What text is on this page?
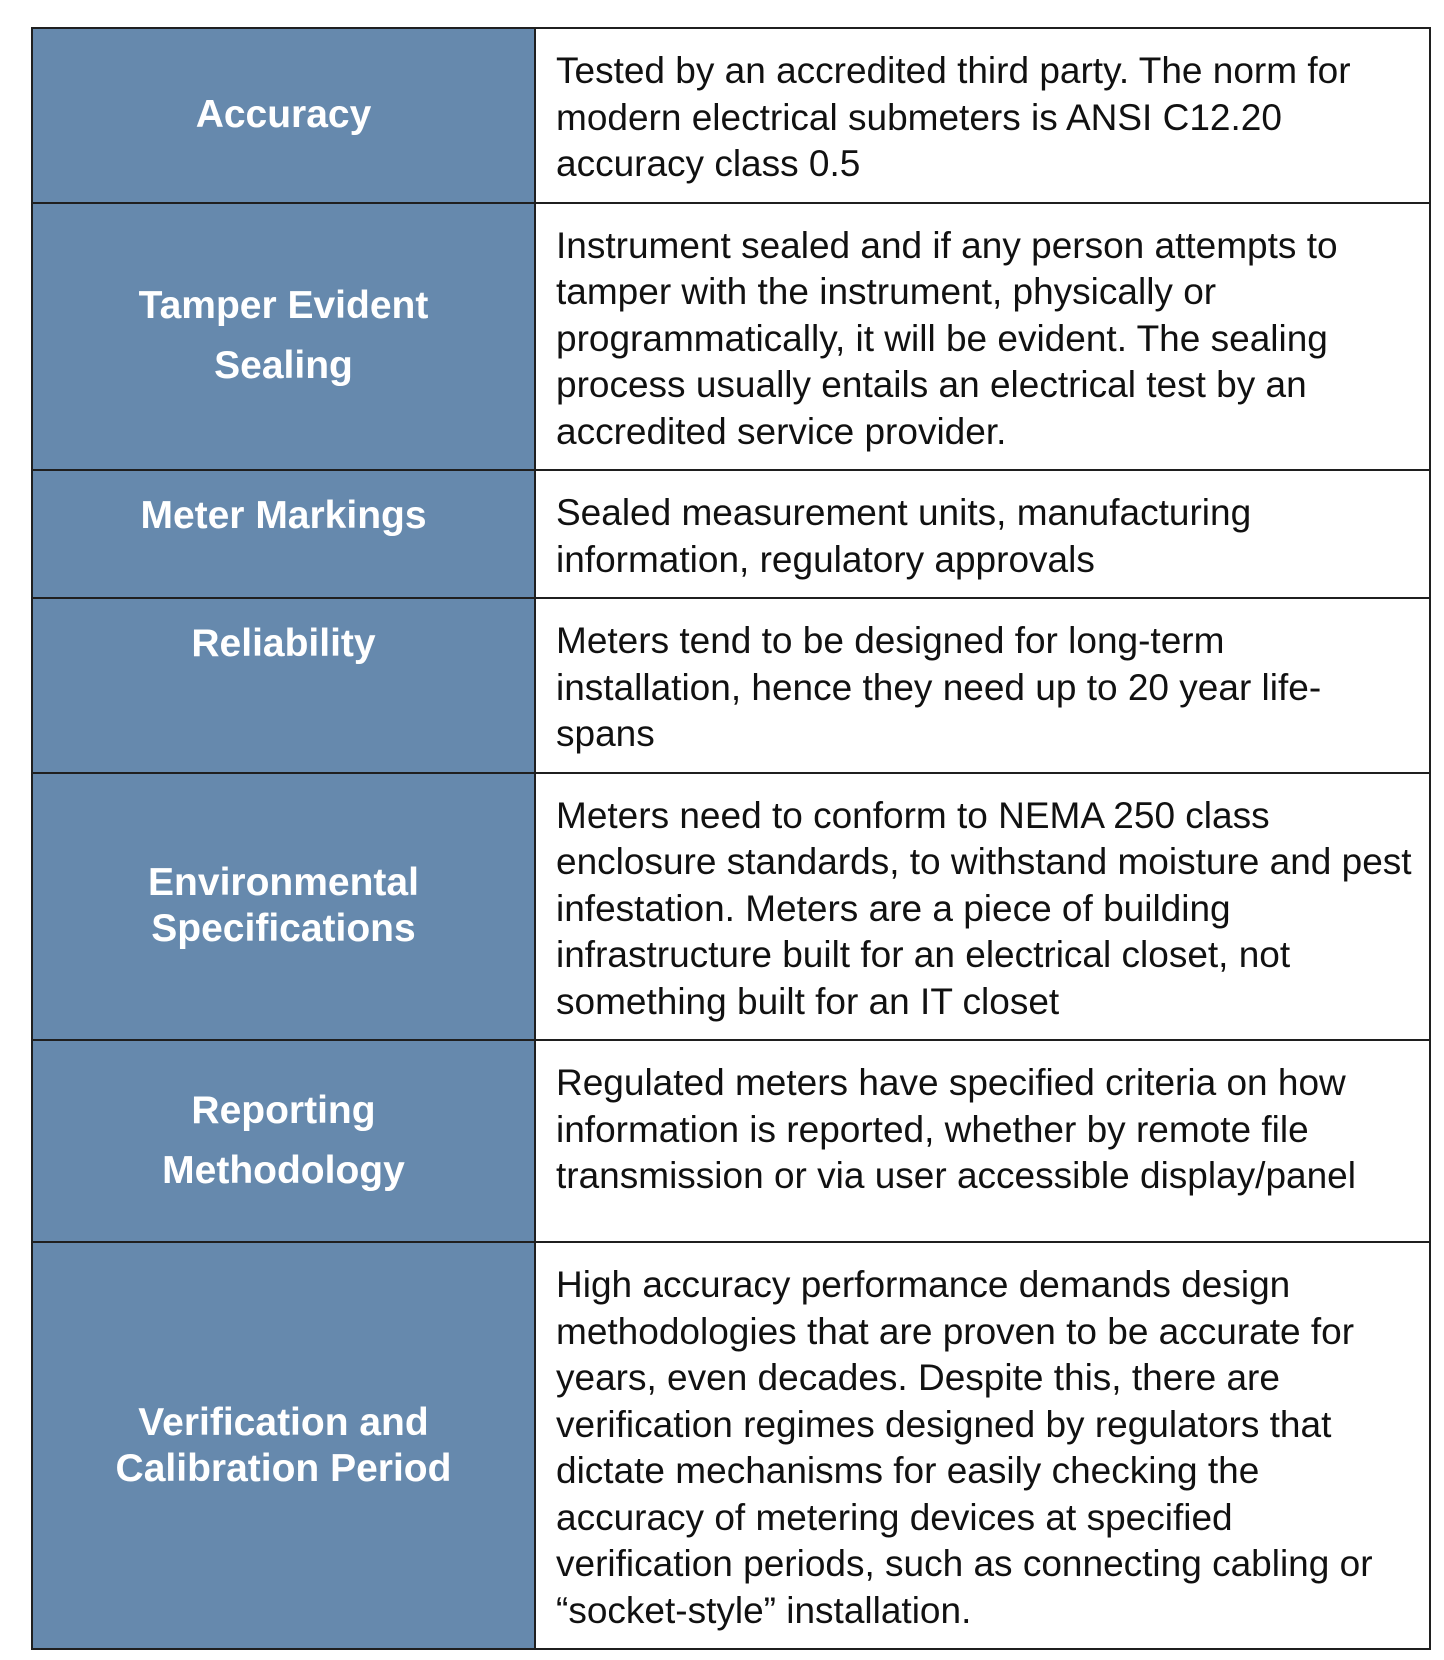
Accuracy	Tested by an accredited third party. The norm for modern electrical submeters is ANSI C12.20 accuracy class 0.5

Tamper Evident Sealing	Instrument sealed and if any person attempts to tamper with the instrument, physically or programmatically, it will be evident. The sealing process usually entails an electrical test by an accredited service provider.

Meter Markings	Sealed measurement units, manufacturing information, regulatory approvals

Reliability	Meters tend to be designed for long-term installation, hence they need up to 20 year life-spans

Environmental Specifications	Meters need to conform to NEMA 250 class enclosure standards, to withstand moisture and pest infestation. Meters are a piece of building infrastructure built for an electrical closet, not something built for an IT closet

Reporting Methodology	Regulated meters have specified criteria on how information is reported, whether by remote file transmission or via user accessible display/panel

Verification and Calibration Period	High accuracy performance demands design methodologies that are proven to be accurate for years, even decades. Despite this, there are verification regimes designed by regulators that dictate mechanisms for easily checking the accuracy of metering devices at specified verification periods, such as connecting cabling or “socket-style” installation.
